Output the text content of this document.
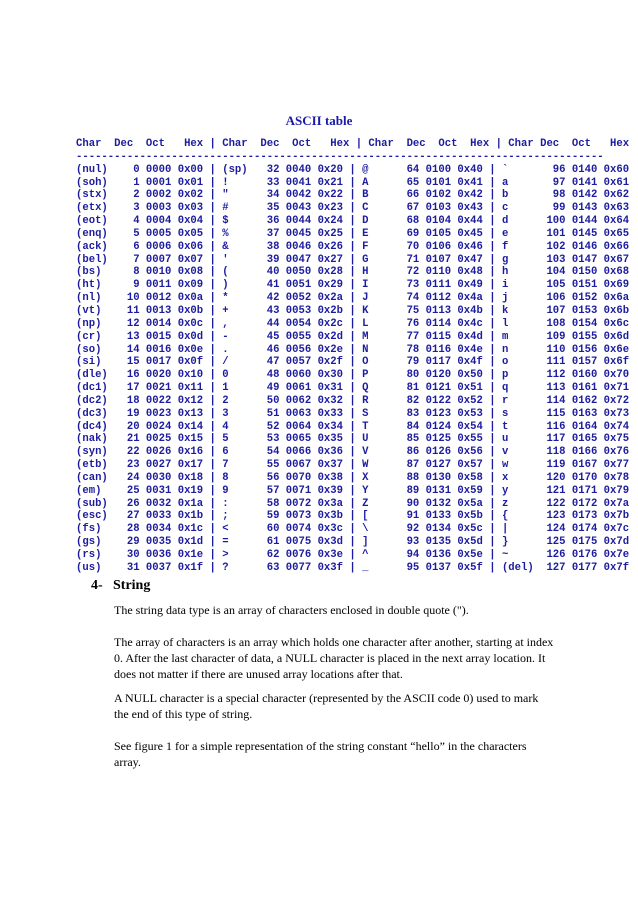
ASCII table
Char  Dec  Oct   Hex | Char  Dec  Oct   Hex | Char  Dec  Oct  Hex | Char Dec  Oct   Hex
-----------------------------------------------------------------------------------
(nul)    0 0000 0x00 | (sp)   32 0040 0x20 | @      64 0100 0x40 | `       96 0140 0x60
(soh)    1 0001 0x01 | !      33 0041 0x21 | A      65 0101 0x41 | a       97 0141 0x61
(stx)    2 0002 0x02 | "      34 0042 0x22 | B      66 0102 0x42 | b       98 0142 0x62
(etx)    3 0003 0x03 | #      35 0043 0x23 | C      67 0103 0x43 | c       99 0143 0x63
(eot)    4 0004 0x04 | $      36 0044 0x24 | D      68 0104 0x44 | d      100 0144 0x64
(enq)    5 0005 0x05 | %      37 0045 0x25 | E      69 0105 0x45 | e      101 0145 0x65
(ack)    6 0006 0x06 | &      38 0046 0x26 | F      70 0106 0x46 | f      102 0146 0x66
(bel)    7 0007 0x07 | '      39 0047 0x27 | G      71 0107 0x47 | g      103 0147 0x67
(bs)     8 0010 0x08 | (      40 0050 0x28 | H      72 0110 0x48 | h      104 0150 0x68
(ht)     9 0011 0x09 | )      41 0051 0x29 | I      73 0111 0x49 | i      105 0151 0x69
(nl)    10 0012 0x0a | *      42 0052 0x2a | J      74 0112 0x4a | j      106 0152 0x6a
(vt)    11 0013 0x0b | +      43 0053 0x2b | K      75 0113 0x4b | k      107 0153 0x6b
(np)    12 0014 0x0c | ,      44 0054 0x2c | L      76 0114 0x4c | l      108 0154 0x6c
(cr)    13 0015 0x0d | -      45 0055 0x2d | M      77 0115 0x4d | m      109 0155 0x6d
(so)    14 0016 0x0e | .      46 0056 0x2e | N      78 0116 0x4e | n      110 0156 0x6e
(si)    15 0017 0x0f | /      47 0057 0x2f | O      79 0117 0x4f | o      111 0157 0x6f
(dle)   16 0020 0x10 | 0      48 0060 0x30 | P      80 0120 0x50 | p      112 0160 0x70
(dc1)   17 0021 0x11 | 1      49 0061 0x31 | Q      81 0121 0x51 | q      113 0161 0x71
(dc2)   18 0022 0x12 | 2      50 0062 0x32 | R      82 0122 0x52 | r      114 0162 0x72
(dc3)   19 0023 0x13 | 3      51 0063 0x33 | S      83 0123 0x53 | s      115 0163 0x73
(dc4)   20 0024 0x14 | 4      52 0064 0x34 | T      84 0124 0x54 | t      116 0164 0x74
(nak)   21 0025 0x15 | 5      53 0065 0x35 | U      85 0125 0x55 | u      117 0165 0x75
(syn)   22 0026 0x16 | 6      54 0066 0x36 | V      86 0126 0x56 | v      118 0166 0x76
(etb)   23 0027 0x17 | 7      55 0067 0x37 | W      87 0127 0x57 | w      119 0167 0x77
(can)   24 0030 0x18 | 8      56 0070 0x38 | X      88 0130 0x58 | x      120 0170 0x78
(em)    25 0031 0x19 | 9      57 0071 0x39 | Y      89 0131 0x59 | y      121 0171 0x79
(sub)   26 0032 0x1a | :      58 0072 0x3a | Z      90 0132 0x5a | z      122 0172 0x7a
(esc)   27 0033 0x1b | ;      59 0073 0x3b | [      91 0133 0x5b | {      123 0173 0x7b
(fs)    28 0034 0x1c | <      60 0074 0x3c | \      92 0134 0x5c | |      124 0174 0x7c
(gs)    29 0035 0x1d | =      61 0075 0x3d | ]      93 0135 0x5d | }      125 0175 0x7d
(rs)    30 0036 0x1e | >      62 0076 0x3e | ^      94 0136 0x5e | ~      126 0176 0x7e
(us)    31 0037 0x1f | ?      63 0077 0x3f | _      95 0137 0x5f | (del)  127 0177 0x7f
4- String

The string data type is an array of characters enclosed in double quote (").

The array of characters is an array which holds one character after another, starting at index 0. After the last character of data, a NULL character is placed in the next array location. It does not matter if there are unused array locations after that.

A NULL character is a special character (represented by the ASCII code 0) used to mark the end of this type of string.

See figure 1 for a simple representation of the string constant “hello” in the characters array.
